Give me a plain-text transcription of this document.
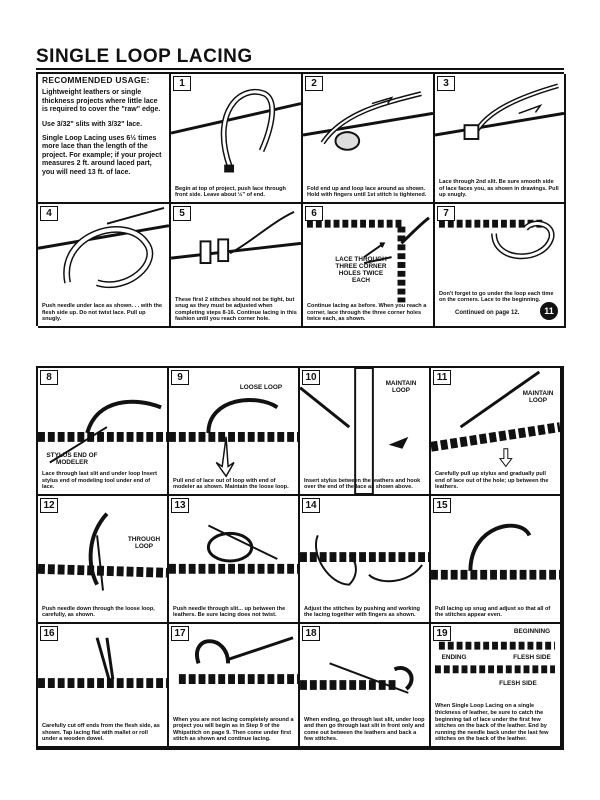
SINGLE LOOP LACING
RECOMMENDED USAGE:

Lightweight leathers or single thickness projects where little lace is required to cover the "raw" edge.

Use 3/32" slits with 3/32" lace.

Single Loop Lacing uses 6½ times more lace than the length of the project. For example; if your project measures 2 ft. around laced part, you will need 13 ft. of lace.

1
Begin at top of project, push lace through front side. Leave about ½" of end.
2
Fold end up and loop lace around as shown. Hold with fingers until 1st stitch is tightened.
3
Lace through 2nd slit. Be sure smooth side of lace faces you, as shown in drawings. Pull up snugly.
4
Push needle under lace as shown. . . with the flesh side up. Do not twist lace. Pull up snugly.
5
These first 2 stitches should not be tight, but snug as they must be adjusted when completing steps 8-16. Continue lacing in this fashion until you reach corner hole.
6
LACE THROUGH THREE CORNER HOLES TWICE EACH
Continue lacing as before. When you reach a corner, lace through the three corner holes twice each, as shown.
7
Don't forget to go under the loop each time on the corners. Lace to the beginning.
Continued on page 12.	11
8
STYLUS END OF MODELER
Lace through last slit and under loop Insert stylus end of modeling tool under end of lace.
9
LOOSE LOOP
Pull end of lace out of loop with end of modeler as shown. Maintain the loose loop.
10
MAINTAIN LOOP
Insert stylus between the leathers and hook over the end of the lace as shown above.
11
MAINTAIN LOOP
Carefully pull up stylus and gradually pull end of lace out of the hole; up between the leathers.
12
THROUGH LOOP
Push needle down through the loose loop, carefully, as shown.
13
Push needle through slit... up between the leathers. Be sure lacing does not twist.
14
Adjust the stitches by pushing and working the lacing together with fingers as shown.
15
Pull lacing up snug and adjust so that all of the stitches appear even.
16
Carefully cut off ends from the flesh side, as shown. Tap lacing flat with mallet or roll under a wooden dowel.
17
When you are not lacing completely around a project you will begin as in Step 9 of the Whipstitch on page 9. Then come under first stitch as shown and continue lacing.
18
When ending, go through last slit, under loop and then go through last slit in front only and come out between the leathers and back a few stitches.
19	BEGINNING
ENDING	FLESH SIDE
FLESH SIDE
When Single Loop Lacing on a single thickness of leather, be sure to catch the beginning tail of lace under the first few stitches on the back of the leather. End by running the needle back under the last few stitches on the back of the leather.
